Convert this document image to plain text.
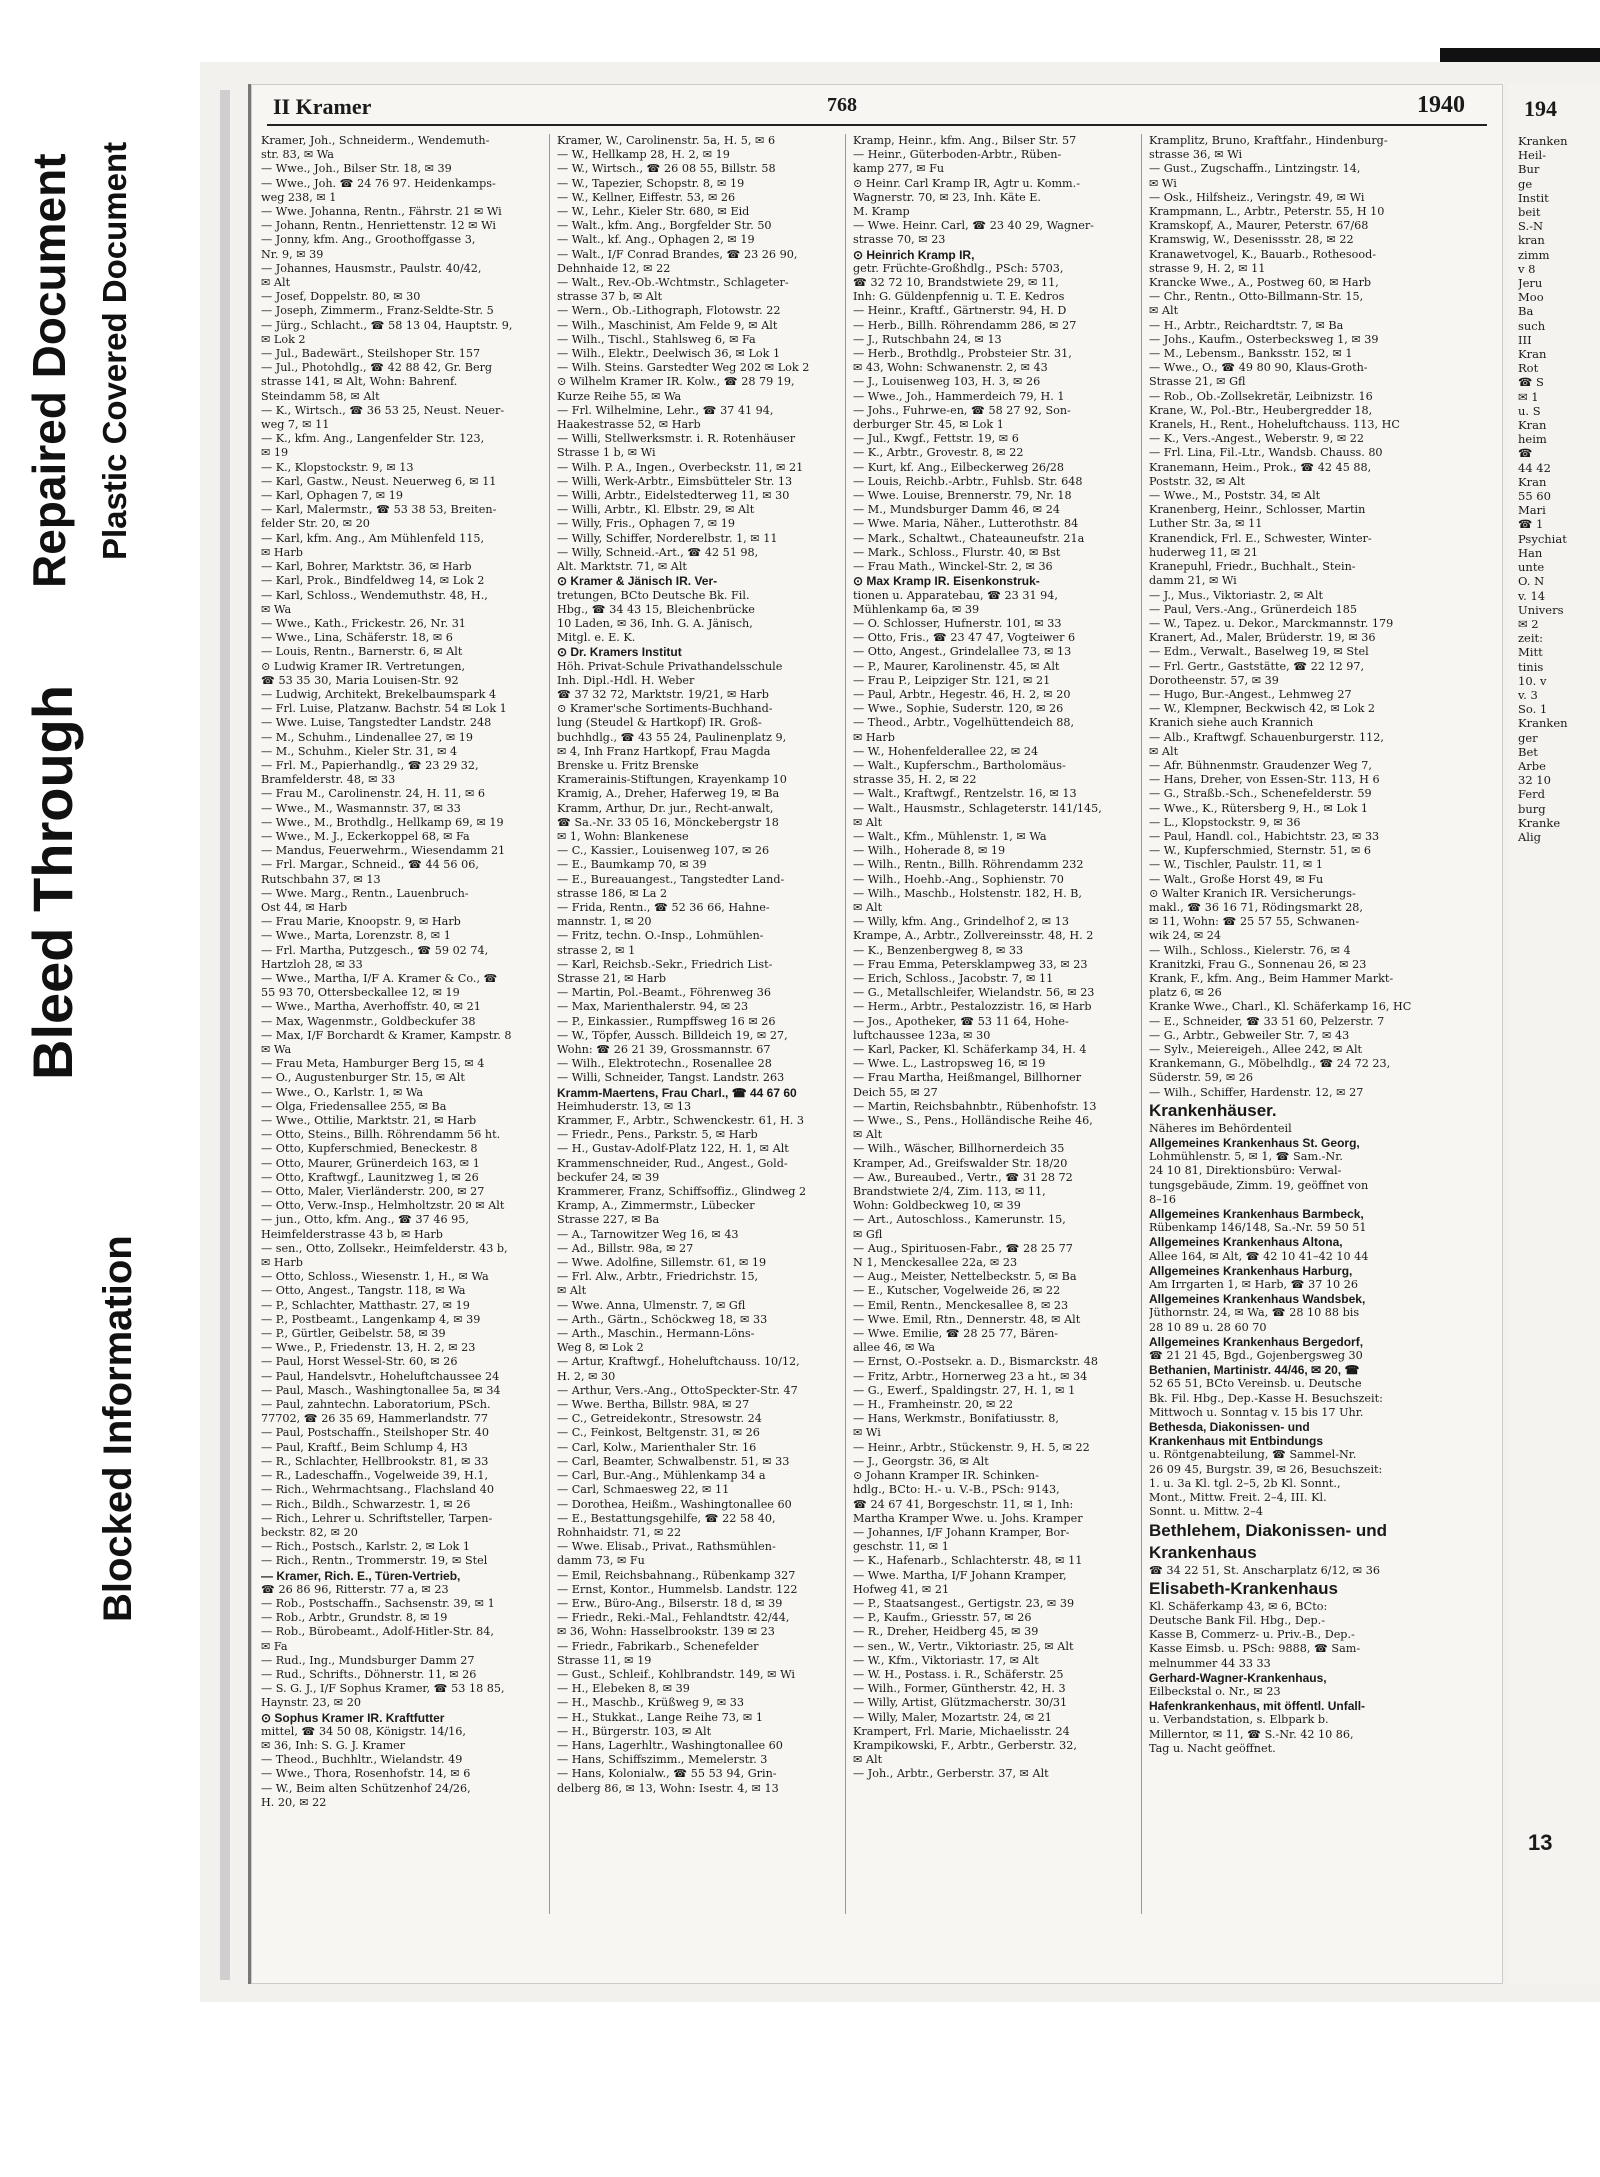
Bleed Through
Repaired Document Plastic Covered Document
Blocked Information
II Kramer	768	1940
Kramer, Joh., Schneiderm., Wendemuth-
str. 83, ✉ Wa
— Wwe., Joh., Bilser Str. 18, ✉ 39
— Wwe., Joh. ☎ 24 76 97. Heidenkamps-
weg 238, ✉ 1
— Wwe. Johanna, Rentn., Fährstr. 21 ✉ Wi
— Johann, Rentn., Henriettenstr. 12 ✉ Wi
— Jonny, kfm. Ang., Groothoffgasse 3,
Nr. 9, ✉ 39
— Johannes, Hausmstr., Paulstr. 40/42,
✉ Alt
— Josef, Doppelstr. 80, ✉ 30
— Joseph, Zimmerm., Franz-Seldte-Str. 5
— Jürg., Schlacht., ☎ 58 13 04, Hauptstr. 9,
✉ Lok 2
— Jul., Badewärt., Steilshoper Str. 157
— Jul., Photohdlg., ☎ 42 88 42, Gr. Berg
strasse 141, ✉ Alt, Wohn: Bahrenf.
Steindamm 58, ✉ Alt
— K., Wirtsch., ☎ 36 53 25, Neust. Neuer-
weg 7, ✉ 11
— K., kfm. Ang., Langenfelder Str. 123,
✉ 19
— K., Klopstockstr. 9, ✉ 13
— Karl, Gastw., Neust. Neuerweg 6, ✉ 11
— Karl, Ophagen 7, ✉ 19
— Karl, Malermstr., ☎ 53 38 53, Breiten-
felder Str. 20, ✉ 20
— Karl, kfm. Ang., Am Mühlenfeld 115,
✉ Harb
— Karl, Bohrer, Marktstr. 36, ✉ Harb
— Karl, Prok., Bindfeldweg 14, ✉ Lok 2
— Karl, Schloss., Wendemuthstr. 48, H.,
✉ Wa
— Wwe., Kath., Frickestr. 26, Nr. 31
— Wwe., Lina, Schäferstr. 18, ✉ 6
— Louis, Rentn., Barnerstr. 6, ✉ Alt
⊙ Ludwig Kramer IR. Vertretungen,
☎ 53 35 30, Maria Louisen-Str. 92
— Ludwig, Architekt, Brekelbaumspark 4
— Frl. Luise, Platzanw. Bachstr. 54 ✉ Lok 1
— Wwe. Luise, Tangstedter Landstr. 248
— M., Schuhm., Lindenallee 27, ✉ 19
— M., Schuhm., Kieler Str. 31, ✉ 4
— Frl. M., Papierhandlg., ☎ 23 29 32,
Bramfelderstr. 48, ✉ 33
— Frau M., Carolinenstr. 24, H. 11, ✉ 6
— Wwe., M., Wasmannstr. 37, ✉ 33
— Wwe., M., Brothdlg., Hellkamp 69, ✉ 19
— Wwe., M. J., Eckerkoppel 68, ✉ Fa
— Mandus, Feuerwehrm., Wiesendamm 21
— Frl. Margar., Schneid., ☎ 44 56 06,
Rutschbahn 37, ✉ 13
— Wwe. Marg., Rentn., Lauenbruch-
Ost 44, ✉ Harb
— Frau Marie, Knoopstr. 9, ✉ Harb
— Wwe., Marta, Lorenzstr. 8, ✉ 1
— Frl. Martha, Putzgesch., ☎ 59 02 74,
Hartzloh 28, ✉ 33
— Wwe., Martha, I/F A. Kramer & Co., ☎
55 93 70, Ottersbeckallee 12, ✉ 19
— Wwe., Martha, Averhoffstr. 40, ✉ 21
— Max, Wagenmstr., Goldbeckufer 38
— Max, I/F Borchardt & Kramer, Kampstr. 8
✉ Wa
— Frau Meta, Hamburger Berg 15, ✉ 4
— O., Augustenburger Str. 15, ✉ Alt
— Wwe., O., Karlstr. 1, ✉ Wa
— Olga, Friedensallee 255, ✉ Ba
— Wwe., Ottilie, Marktstr. 21, ✉ Harb
— Otto, Steins., Billh. Röhrendamm 56 ht.
— Otto, Kupferschmied, Beneckestr. 8
— Otto, Maurer, Grünerdeich 163, ✉ 1
— Otto, Kraftwgf., Launitzweg 1, ✉ 26
— Otto, Maler, Vierländerstr. 200, ✉ 27
— Otto, Verw.-Insp., Helmholtzstr. 20 ✉ Alt
— jun., Otto, kfm. Ang., ☎ 37 46 95,
Heimfelderstrasse 43 b, ✉ Harb
— sen., Otto, Zollsekr., Heimfelderstr. 43 b,
✉ Harb
— Otto, Schloss., Wiesenstr. 1, H., ✉ Wa
— Otto, Angest., Tangstr. 118, ✉ Wa
— P., Schlachter, Matthastr. 27, ✉ 19
— P., Postbeamt., Langenkamp 4, ✉ 39
— P., Gürtler, Geibelstr. 58, ✉ 39
— Wwe., P., Friedenstr. 13, H. 2, ✉ 23
— Paul, Horst Wessel-Str. 60, ✉ 26
— Paul, Handelsvtr., Hoheluftchaussee 24
— Paul, Masch., Washingtonallee 5a, ✉ 34
— Paul, zahntechn. Laboratorium, PSch.
77702, ☎ 26 35 69, Hammerlandstr. 77
— Paul, Postschaffn., Steilshoper Str. 40
— Paul, Kraftf., Beim Schlump 4, H3
— R., Schlachter, Hellbrookstr. 81, ✉ 33
— R., Ladeschaffn., Vogelweide 39, H.1,
— Rich., Wehrmachtsang., Flachsland 40
— Rich., Bildh., Schwarzestr. 1, ✉ 26
— Rich., Lehrer u. Schriftsteller, Tarpen-
beckstr. 82, ✉ 20
— Rich., Postsch., Karlstr. 2, ✉ Lok 1
— Rich., Rentn., Trommerstr. 19, ✉ Stel
— Kramer, Rich. E., Türen-Vertrieb,
☎ 26 86 96, Ritterstr. 77 a, ✉ 23
— Rob., Postschaffn., Sachsenstr. 39, ✉ 1
— Rob., Arbtr., Grundstr. 8, ✉ 19
— Rob., Bürobeamt., Adolf-Hitler-Str. 84,
✉ Fa
— Rud., Ing., Mundsburger Damm 27
— Rud., Schrifts., Döhnerstr. 11, ✉ 26
— S. G. J., I/F Sophus Kramer, ☎ 53 18 85,
Haynstr. 23, ✉ 20
⊙ Sophus Kramer IR. Kraftfutter
mittel, ☎ 34 50 08, Königstr. 14/16,
✉ 36, Inh: S. G. J. Kramer
— Theod., Buchhltr., Wielandstr. 49
— Wwe., Thora, Rosenhofstr. 14, ✉ 6
— W., Beim alten Schützenhof 24/26,
H. 20, ✉ 22
Kramer, W., Carolinenstr. 5a, H. 5, ✉ 6
— W., Hellkamp 28, H. 2, ✉ 19
— W., Wirtsch., ☎ 26 08 55, Billstr. 58
— W., Tapezier, Schopstr. 8, ✉ 19
— W., Kellner, Eiffestr. 53, ✉ 26
— W., Lehr., Kieler Str. 680, ✉ Eid
— Walt., kfm. Ang., Borgfelder Str. 50
— Walt., kf. Ang., Ophagen 2, ✉ 19
— Walt., I/F Conrad Brandes, ☎ 23 26 90,
Dehnhaide 12, ✉ 22
— Walt., Rev.-Ob.-Wchtmstr., Schlageter-
strasse 37 b, ✉ Alt
— Wern., Ob.-Lithograph, Flotowstr. 22
— Wilh., Maschinist, Am Felde 9, ✉ Alt
— Wilh., Tischl., Stahlsweg 6, ✉ Fa
— Wilh., Elektr., Deelwisch 36, ✉ Lok 1
— Wilh. Steins. Garstedter Weg 202 ✉ Lok 2
⊙ Wilhelm Kramer IR. Kolw., ☎ 28 79 19,
Kurze Reihe 55, ✉ Wa
— Frl. Wilhelmine, Lehr., ☎ 37 41 94,
Haakestrasse 52, ✉ Harb
— Willi, Stellwerksmstr. i. R. Rotenhäuser
Strasse 1 b, ✉ Wi
— Wilh. P. A., Ingen., Overbeckstr. 11, ✉ 21
— Willi, Werk-Arbtr., Eimsbütteler Str. 13
— Willi, Arbtr., Eidelstedterweg 11, ✉ 30
— Willi, Arbtr., Kl. Elbstr. 29, ✉ Alt
— Willy, Fris., Ophagen 7, ✉ 19
— Willy, Schiffer, Norderelbstr. 1, ✉ 11
— Willy, Schneid.-Art., ☎ 42 51 98,
Alt. Marktstr. 71, ✉ Alt
⊙ Kramer & Jänisch IR. Ver-
tretungen, BCto Deutsche Bk. Fil.
Hbg., ☎ 34 43 15, Bleichenbrücke
10 Laden, ✉ 36, Inh. G. A. Jänisch,
Mitgl. e. E. K.
⊙ Dr. Kramers Institut
Höh. Privat-Schule Privathandelsschule
Inh. Dipl.-Hdl. H. Weber
☎ 37 32 72, Marktstr. 19/21, ✉ Harb
⊙ Kramer'sche Sortiments-Buchhand-
lung (Steudel & Hartkopf) IR. Groß-
buchhdlg., ☎ 43 55 24, Paulinenplatz 9,
✉ 4, Inh Franz Hartkopf, Frau Magda
Brenske u. Fritz Brenske
Kramerainis-Stiftungen, Krayenkamp 10
Kramig, A., Dreher, Haferweg 19, ✉ Ba
Kramm, Arthur, Dr. jur., Recht-anwalt,
☎ Sa.-Nr. 33 05 16, Mönckebergstr 18
✉ 1, Wohn: Blankenese
— C., Kassier., Louisenweg 107, ✉ 26
— E., Baumkamp 70, ✉ 39
— E., Bureauangest., Tangstedter Land-
strasse 186, ✉ La 2
— Frida, Rentn., ☎ 52 36 66, Hahne-
mannstr. 1, ✉ 20
— Fritz, techn. O.-Insp., Lohmühlen-
strasse 2, ✉ 1
— Karl, Reichsb.-Sekr., Friedrich List-
Strasse 21, ✉ Harb
— Martin, Pol.-Beamt., Föhrenweg 36
— Max, Marienthalerstr. 94, ✉ 23
— P., Einkassier., Rumpffsweg 16 ✉ 26
— W., Töpfer, Aussch. Billdeich 19, ✉ 27,
Wohn: ☎ 26 21 39, Grossmannstr. 67
— Wilh., Elektrotechn., Rosenallee 28
— Willi, Schneider, Tangst. Landstr. 263
Kramm-Maertens, Frau Charl., ☎ 44 67 60
Heimhuderstr. 13, ✉ 13
Krammer, F., Arbtr., Schwenckestr. 61, H. 3
— Friedr., Pens., Parkstr. 5, ✉ Harb
— H., Gustav-Adolf-Platz 122, H. 1, ✉ Alt
Krammenschneider, Rud., Angest., Gold-
beckufer 24, ✉ 39
Krammerer, Franz, Schiffsoffiz., Glindweg 2
Kramp, A., Zimmermstr., Lübecker
Strasse 227, ✉ Ba
— A., Tarnowitzer Weg 16, ✉ 43
— Ad., Billstr. 98a, ✉ 27
— Wwe. Adolfine, Sillemstr. 61, ✉ 19
— Frl. Alw., Arbtr., Friedrichstr. 15,
✉ Alt
— Wwe. Anna, Ulmenstr. 7, ✉ Gfl
— Arth., Gärtn., Schöckweg 18, ✉ 33
— Arth., Maschin., Hermann-Löns-
Weg 8, ✉ Lok 2
— Artur, Kraftwgf., Hoheluftchauss. 10/12,
H. 2, ✉ 30
— Arthur, Vers.-Ang., OttoSpeckter-Str. 47
— Wwe. Bertha, Billstr. 98A, ✉ 27
— C., Getreidekontr., Stresowstr. 24
— C., Feinkost, Beltgenstr. 31, ✉ 26
— Carl, Kolw., Marienthaler Str. 16
— Carl, Beamter, Schwalbenstr. 51, ✉ 33
— Carl, Bur.-Ang., Mühlenkamp 34 a
— Carl, Schmaesweg 22, ✉ 11
— Dorothea, Heißm., Washingtonallee 60
— E., Bestattungsgehilfe, ☎ 22 58 40,
Rohnhaidstr. 71, ✉ 22
— Wwe. Elisab., Privat., Rathsmühlen-
damm 73, ✉ Fu
— Emil, Reichsbahnang., Rübenkamp 327
— Ernst, Kontor., Hummelsb. Landstr. 122
— Erw., Büro-Ang., Bilserstr. 18 d, ✉ 39
— Friedr., Reki.-Mal., Fehlandtstr. 42/44,
✉ 36, Wohn: Hasselbrookstr. 139 ✉ 23
— Friedr., Fabrikarb., Schenefelder
Strasse 11, ✉ 19
— Gust., Schleif., Kohlbrandstr. 149, ✉ Wi
— H., Elebeken 8, ✉ 39
— H., Maschb., Krüßweg 9, ✉ 33
— H., Stukkat., Lange Reihe 73, ✉ 1
— H., Bürgerstr. 103, ✉ Alt
— Hans, Lagerhltr., Washingtonallee 60
— Hans, Schiffszimm., Memelerstr. 3
— Hans, Kolonialw., ☎ 55 53 94, Grin-
delberg 86, ✉ 13, Wohn: Isestr. 4, ✉ 13
Kramp, Heinr., kfm. Ang., Bilser Str. 57
— Heinr., Güterboden-Arbtr., Rüben-
kamp 277, ✉ Fu
⊙ Heinr. Carl Kramp IR, Agtr u. Komm.-
Wagnerstr. 70, ✉ 23, Inh. Käte E.
M. Kramp
— Wwe. Heinr. Carl, ☎ 23 40 29, Wagner-
strasse 70, ✉ 23
⊙ Heinrich Kramp IR,
getr. Früchte-Großhdlg., PSch: 5703,
☎ 32 72 10, Brandstwiete 29, ✉ 11,
Inh: G. Güldenpfennig u. T. E. Kedros
— Heinr., Kraftf., Gärtnerstr. 94, H. D
— Herb., Billh. Röhrendamm 286, ✉ 27
— J., Rutschbahn 24, ✉ 13
— Herb., Brothdlg., Probsteier Str. 31,
✉ 43, Wohn: Schwanenstr. 2, ✉ 43
— J., Louisenweg 103, H. 3, ✉ 26
— Wwe., Joh., Hammerdeich 79, H. 1
— Johs., Fuhrwe-en, ☎ 58 27 92, Son-
derburger Str. 45, ✉ Lok 1
— Jul., Kwgf., Fettstr. 19, ✉ 6
— K., Arbtr., Grovestr. 8, ✉ 22
— Kurt, kf. Ang., Eilbeckerweg 26/28
— Louis, Reichb.-Arbtr., Fuhlsb. Str. 648
— Wwe. Louise, Brennerstr. 79, Nr. 18
— M., Mundsburger Damm 46, ✉ 24
— Wwe. Maria, Näher., Lutterothstr. 84
— Mark., Schaltwt., Chateauneufstr. 21a
— Mark., Schloss., Flurstr. 40, ✉ Bst
— Frau Math., Winckel-Str. 2, ✉ 36
⊙ Max Kramp IR. Eisenkonstruk-
tionen u. Apparatebau, ☎ 23 31 94,
Mühlenkamp 6a, ✉ 39
— O. Schlosser, Hufnerstr. 101, ✉ 33
— Otto, Fris., ☎ 23 47 47, Vogteiwer 6
— Otto, Angest., Grindelallee 73, ✉ 13
— P., Maurer, Karolinenstr. 45, ✉ Alt
— Frau P., Leipziger Str. 121, ✉ 21
— Paul, Arbtr., Hegestr. 46, H. 2, ✉ 20
— Wwe., Sophie, Suderstr. 120, ✉ 26
— Theod., Arbtr., Vogelhüttendeich 88,
✉ Harb
— W., Hohenfelderallee 22, ✉ 24
— Walt., Kupferschm., Bartholomäus-
strasse 35, H. 2, ✉ 22
— Walt., Kraftwgf., Rentzelstr. 16, ✉ 13
— Walt., Hausmstr., Schlageterstr. 141/145,
✉ Alt
— Walt., Kfm., Mühlenstr. 1, ✉ Wa
— Wilh., Hoherade 8, ✉ 19
— Wilh., Rentn., Billh. Röhrendamm 232
— Wilh., Hoehb.-Ang., Sophienstr. 70
— Wilh., Maschb., Holstenstr. 182, H. B,
✉ Alt
— Willy, kfm. Ang., Grindelhof 2, ✉ 13
Krampe, A., Arbtr., Zollvereinsstr. 48, H. 2
— K., Benzenbergweg 8, ✉ 33
— Frau Emma, Petersklampweg 33, ✉ 23
— Erich, Schloss., Jacobstr. 7, ✉ 11
— G., Metallschleifer, Wielandstr. 56, ✉ 23
— Herm., Arbtr., Pestalozzistr. 16, ✉ Harb
— Jos., Apotheker, ☎ 53 11 64, Hohe-
luftchaussee 123a, ✉ 30
— Karl, Packer, Kl. Schäferkamp 34, H. 4
— Wwe. L., Lastropsweg 16, ✉ 19
— Frau Martha, Heißmangel, Billhorner
Deich 55, ✉ 27
— Martin, Reichsbahnbtr., Rübenhofstr. 13
— Wwe., S., Pens., Holländische Reihe 46,
✉ Alt
— Wilh., Wäscher, Billhornerdeich 35
Kramper, Ad., Greifswalder Str. 18/20
— Aw., Bureaubed., Vertr., ☎ 31 28 72
Brandstwiete 2/4, Zim. 113, ✉ 11,
Wohn: Goldbeckweg 10, ✉ 39
— Art., Autoschloss., Kamerunstr. 15,
✉ Gfl
— Aug., Spirituosen-Fabr., ☎ 28 25 77
N 1, Menckesallee 22a, ✉ 23
— Aug., Meister, Nettelbeckstr. 5, ✉ Ba
— E., Kutscher, Vogelweide 26, ✉ 22
— Emil, Rentn., Menckesallee 8, ✉ 23
— Wwe. Emil, Rtn., Dennerstr. 48, ✉ Alt
— Wwe. Emilie, ☎ 28 25 77, Bären-
allee 46, ✉ Wa
— Ernst, O.-Postsekr. a. D., Bismarckstr. 48
— Fritz, Arbtr., Hornerweg 23 a ht., ✉ 34
— G., Ewerf., Spaldingstr. 27, H. 1, ✉ 1
— H., Framheinstr. 20, ✉ 22
— Hans, Werkmstr., Bonifatiusstr. 8,
✉ Wi
— Heinr., Arbtr., Stückenstr. 9, H. 5, ✉ 22
— J., Georgstr. 36, ✉ Alt
⊙ Johann Kramper IR. Schinken-
hdlg., BCto: H.- u. V.-B., PSch: 9143,
☎ 24 67 41, Borgeschstr. 11, ✉ 1, Inh:
Martha Kramper Wwe. u. Johs. Kramper
— Johannes, I/F Johann Kramper, Bor-
geschstr. 11, ✉ 1
— K., Hafenarb., Schlachterstr. 48, ✉ 11
— Wwe. Martha, I/F Johann Kramper,
Hofweg 41, ✉ 21
— P., Staatsangest., Gertigstr. 23, ✉ 39
— P., Kaufm., Griesstr. 57, ✉ 26
— R., Dreher, Heidberg 45, ✉ 39
— sen., W., Vertr., Viktoriastr. 25, ✉ Alt
— W., Kfm., Viktoriastr. 17, ✉ Alt
— W. H., Postass. i. R., Schäferstr. 25
— Wilh., Former, Güntherstr. 42, H. 3
— Willy, Artist, Glützmacherstr. 30/31
— Willy, Maler, Mozartstr. 24, ✉ 21
Krampert, Frl. Marie, Michaelisstr. 24
Krampikowski, F., Arbtr., Gerberstr. 32,
✉ Alt
— Joh., Arbtr., Gerberstr. 37, ✉ Alt
Kramplitz, Bruno, Kraftfahr., Hindenburg-
strasse 36, ✉ Wi
— Gust., Zugschaffn., Lintzingstr. 14,
✉ Wi
— Osk., Hilfsheiz., Veringstr. 49, ✉ Wi
Krampmann, L., Arbtr., Peterstr. 55, H 10
Kramskopf, A., Maurer, Peterstr. 67/68
Kramswig, W., Desenissstr. 28, ✉ 22
Kranawetvogel, K., Bauarb., Rothesood-
strasse 9, H. 2, ✉ 11
Krancke Wwe., A., Postweg 60, ✉ Harb
— Chr., Rentn., Otto-Billmann-Str. 15,
✉ Alt
— H., Arbtr., Reichardtstr. 7, ✉ Ba
— Johs., Kaufm., Osterbecksweg 1, ✉ 39
— M., Lebensm., Banksstr. 152, ✉ 1
— Wwe., O., ☎ 49 80 90, Klaus-Groth-
Strasse 21, ✉ Gfl
— Rob., Ob.-Zollsekretär, Leibnizstr. 16
Krane, W., Pol.-Btr., Heubergredder 18,
Kranels, H., Rent., Hoheluftchauss. 113, HC
— K., Vers.-Angest., Weberstr. 9, ✉ 22
— Frl. Lina, Fil.-Ltr., Wandsb. Chauss. 80
Kranemann, Heim., Prok., ☎ 42 45 88,
Poststr. 32, ✉ Alt
— Wwe., M., Poststr. 34, ✉ Alt
Kranenberg, Heinr., Schlosser, Martin
Luther Str. 3a, ✉ 11
Kranendick, Frl. E., Schwester, Winter-
huderweg 11, ✉ 21
Kranepuhl, Friedr., Buchhalt., Stein-
damm 21, ✉ Wi
— J., Mus., Viktoriastr. 2, ✉ Alt
— Paul, Vers.-Ang., Grünerdeich 185
— W., Tapez. u. Dekor., Marckmannstr. 179
Kranert, Ad., Maler, Brüderstr. 19, ✉ 36
— Edm., Verwalt., Baselweg 19, ✉ Stel
— Frl. Gertr., Gaststätte, ☎ 22 12 97,
Dorotheenstr. 57, ✉ 39
— Hugo, Bur.-Angest., Lehmweg 27
— W., Klempner, Beckwisch 42, ✉ Lok 2
Kranich siehe auch Krannich
— Alb., Kraftwgf. Schauenburgerstr. 112,
✉ Alt
— Afr. Bühnenmstr. Graudenzer Weg 7,
— Hans, Dreher, von Essen-Str. 113, H 6
— G., Straßb.-Sch., Schenefelderstr. 59
— Wwe., K., Rütersberg 9, H., ✉ Lok 1
— L., Klopstockstr. 9, ✉ 36
— Paul, Handl. col., Habichtstr. 23, ✉ 33
— W., Kupferschmied, Sternstr. 51, ✉ 6
— W., Tischler, Paulstr. 11, ✉ 1
— Walt., Große Horst 49, ✉ Fu
⊙ Walter Kranich IR. Versicherungs-
makl., ☎ 36 16 71, Rödingsmarkt 28,
✉ 11, Wohn: ☎ 25 57 55, Schwanen-
wik 24, ✉ 24
— Wilh., Schloss., Kielerstr. 76, ✉ 4
Kranitzki, Frau G., Sonnenau 26, ✉ 23
Krank, F., kfm. Ang., Beim Hammer Markt-
platz 6, ✉ 26
Kranke Wwe., Charl., Kl. Schäferkamp 16, HC
— E., Schneider, ☎ 33 51 60, Pelzerstr. 7
— G., Arbtr., Gebweiler Str. 7, ✉ 43
— Sylv., Meiereigeh., Allee 242, ✉ Alt
Krankemann, G., Möbelhdlg., ☎ 24 72 23,
Süderstr. 59, ✉ 26
— Wilh., Schiffer, Hardenstr. 12, ✉ 27
Krankenhäuser.
Näheres im Behördenteil
Allgemeines Krankenhaus St. Georg,
Lohmühlenstr. 5, ✉ 1, ☎ Sam.-Nr.
24 10 81, Direktionsbüro: Verwal-
tungsgebäude, Zimm. 19, geöffnet von
8–16
Allgemeines Krankenhaus Barmbeck,
Rübenkamp 146/148, Sa.-Nr. 59 50 51
Allgemeines Krankenhaus Altona,
Allee 164, ✉ Alt, ☎ 42 10 41–42 10 44
Allgemeines Krankenhaus Harburg,
Am Irrgarten 1, ✉ Harb, ☎ 37 10 26
Allgemeines Krankenhaus Wandsbek,
Jüthornstr. 24, ✉ Wa, ☎ 28 10 88 bis
28 10 89 u. 28 60 70
Allgemeines Krankenhaus Bergedorf,
☎ 21 21 45, Bgd., Gojenbergsweg 30
Bethanien, Martinistr. 44/46, ✉ 20, ☎
52 65 51, BCto Vereinsb. u. Deutsche
Bk. Fil. Hbg., Dep.-Kasse H. Besuchszeit:
Mittwoch u. Sonntag v. 15 bis 17 Uhr.
Bethesda, Diakonissen- und
Krankenhaus mit Entbindungs
u. Röntgenabteilung, ☎ Sammel-Nr.
26 09 45, Burgstr. 39, ✉ 26, Besuchszeit:
1. u. 3a Kl. tgl. 2–5, 2b Kl. Sonnt.,
Mont., Mittw. Freit. 2–4, III. Kl.
Sonnt. u. Mittw. 2–4
Bethlehem, Diakonissen- und
Krankenhaus
☎ 34 22 51, St. Anscharplatz 6/12, ✉ 36
Elisabeth-Krankenhaus
Kl. Schäferkamp 43, ✉ 6, BCto:
Deutsche Bank Fil. Hbg., Dep.-
Kasse B, Commerz- u. Priv.-B., Dep.-
Kasse Eimsb. u. PSch: 9888, ☎ Sam-
melnummer 44 33 33
Gerhard-Wagner-Krankenhaus,
Eilbeckstal o. Nr., ✉ 23
Hafenkrankenhaus, mit öffentl. Unfall-
u. Verbandstation, s. Elbpark b.
Millerntor, ✉ 11, ☎ S.-Nr. 42 10 86,
Tag u. Nacht geöffnet.
194
Kranken
Heil-
Bur
ge
Instit
beit
S.-N
kran
zimm
v 8
Jeru
Moo
Ba
such
III
Kran
Rot
☎ S
✉ 1
u. S
Kran
heim
☎
44 42
Kran
55 60
Mari
☎ 1
Psychiat
Han
unte
O. N
v. 14
Univers
✉ 2
zeit:
Mitt
tinis
10. v
v. 3
So. 1
Kranken
ger
Bet
Arbe
32 10
Ferd
burg
Kranke
Alig
13
